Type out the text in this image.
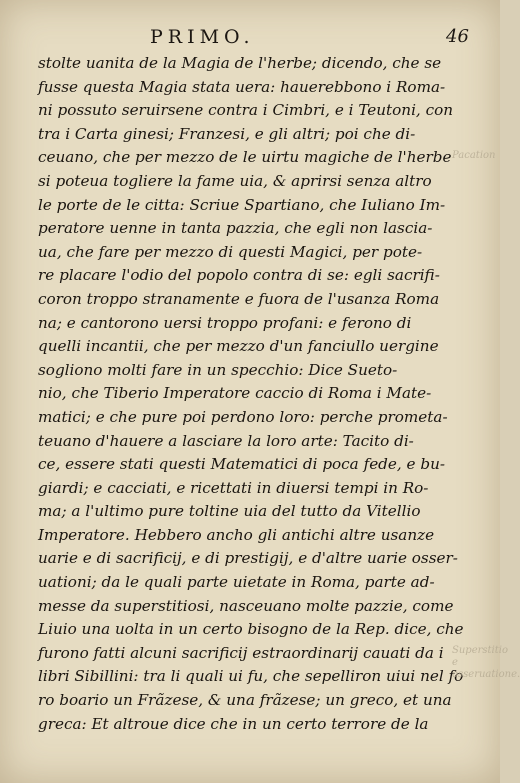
PRIMO.	46
stolte uanita de la Magia de l'herbe; dicendo, che se
fusse questa Magia stata uera: hauerebbono i Roma-
ni possuto seruirsene contra i Cimbri, e i Teutoni, con
tra i Carta ginesi; Franzesi, e gli altri; poi che di-
ceuano, che per mezzo de le uirtu magiche de l'herbe
si poteua togliere la fame uia, & aprirsi senza altro
le porte de le citta: Scriue Spartiano, che Iuliano Im-
peratore uenne in tanta pazzia, che egli non lascia-
ua, che fare per mezzo di questi Magici, per pote-
re placare l'odio del popolo contra di se: egli sacrifi-
coron troppo stranamente e fuora de l'usanza Roma
na; e cantorono uersi troppo profani: e ferono di
quelli incantii, che per mezzo d'un fanciullo uergine
sogliono molti fare in un specchio: Dice Sueto-
nio, che Tiberio Imperatore caccio di Roma i Mate-
matici; e che pure poi perdono loro: perche prometa-
teuano d'hauere a lasciare la loro arte: Tacito di-
ce, essere stati questi Matematici di poca fede, e bu-
giardi; e cacciati, e ricettati in diuersi tempi in Ro-
ma; a l'ultimo pure toltine uia del tutto da Vitellio
Imperatore. Hebbero ancho gli antichi altre usanze
uarie e di sacrificij, e di prestigij, e d'altre uarie osser-
uationi; da le quali parte uietate in Roma, parte ad-
messe da superstitiosi, nasceuano molte pazzie, come
Liuio una uolta in un certo bisogno de la Rep. dice, che
furono fatti alcuni sacrificij estraordinarij cauati da i
libri Sibillini: tra li quali ui fu, che sepelliron uiui nel fo
ro boario un Frãzese, & una frãzese; un greco, et una
greca: Et altroue dice che in un certo terrore de la
Pacation
Superstitio e osseruatione.
